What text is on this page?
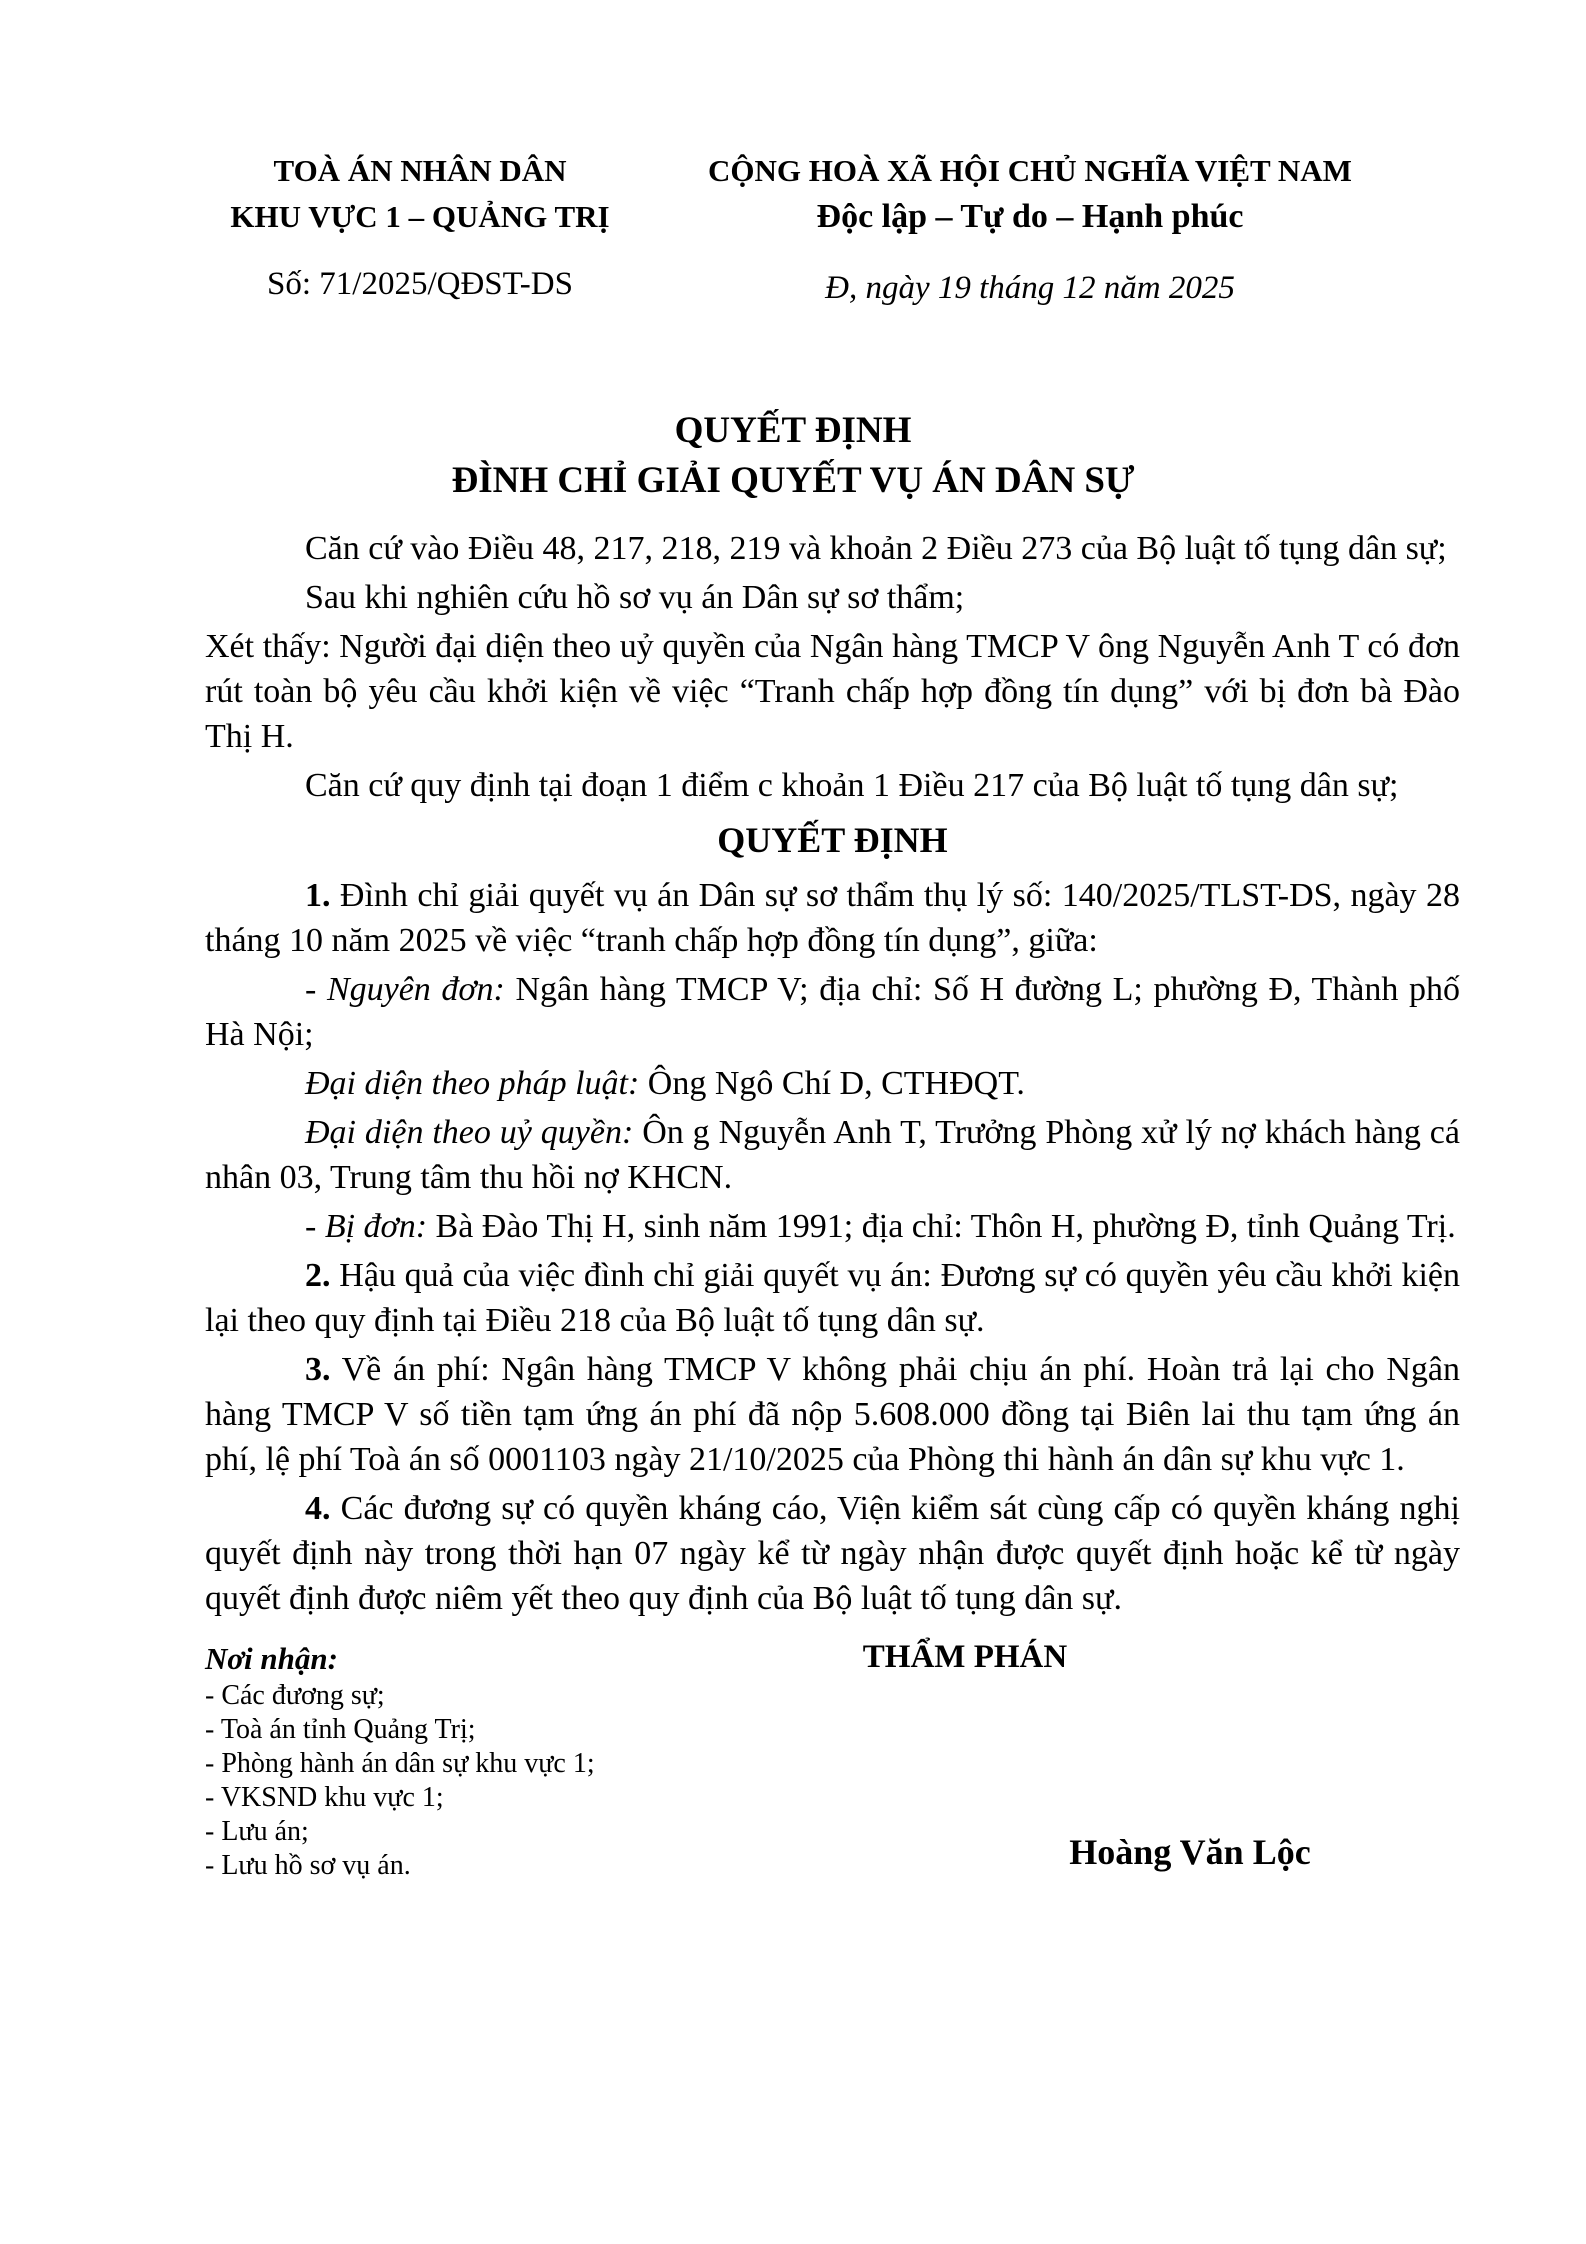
TOÀ ÁN NHÂN DÂN
KHU VỰC 1 – QUẢNG TRỊ
Số: 71/2025/QĐST-DS
CỘNG HOÀ XÃ HỘI CHỦ NGHĨA VIỆT NAM
Độc lập – Tự do – Hạnh phúc
Đ, ngày 19 tháng 12 năm 2025
QUYẾT ĐỊNH
ĐÌNH CHỈ GIẢI QUYẾT VỤ ÁN DÂN SỰ

Căn cứ vào Điều 48, 217, 218, 219 và khoản 2 Điều 273 của Bộ luật tố tụng dân sự;

Sau khi nghiên cứu hồ sơ vụ án Dân sự sơ thẩm;

Xét thấy: Người đại diện theo uỷ quyền của Ngân hàng TMCP V ông Nguyễn Anh T có đơn rút toàn bộ yêu cầu khởi kiện về việc “Tranh chấp hợp đồng tín dụng” với bị đơn bà Đào Thị H.

Căn cứ quy định tại đoạn 1 điểm c khoản 1 Điều 217 của Bộ luật tố tụng dân sự;

QUYẾT ĐỊNH

1. Đình chỉ giải quyết vụ án Dân sự sơ thẩm thụ lý số: 140/2025/TLST-DS, ngày 28 tháng 10 năm 2025 về việc “tranh chấp hợp đồng tín dụng”, giữa:

- Nguyên đơn: Ngân hàng TMCP V; địa chỉ: Số H đường L; phường Đ, Thành phố Hà Nội;

Đại diện theo pháp luật: Ông Ngô Chí D, CTHĐQT.

Đại diện theo uỷ quyền: Ôn g Nguyễn Anh T, Trưởng Phòng xử lý nợ khách hàng cá nhân 03, Trung tâm thu hồi nợ KHCN.

- Bị đơn: Bà Đào Thị H, sinh năm 1991; địa chỉ: Thôn H, phường Đ, tỉnh Quảng Trị.

2. Hậu quả của việc đình chỉ giải quyết vụ án: Đương sự có quyền yêu cầu khởi kiện lại theo quy định tại Điều 218 của Bộ luật tố tụng dân sự.

3. Về án phí: Ngân hàng TMCP V không phải chịu án phí. Hoàn trả lại cho Ngân hàng TMCP V số tiền tạm ứng án phí đã nộp 5.608.000 đồng tại Biên lai thu tạm ứng án phí, lệ phí Toà án số 0001103 ngày 21/10/2025 của Phòng thi hành án dân sự khu vực 1.

4. Các đương sự có quyền kháng cáo, Viện kiểm sát cùng cấp có quyền kháng nghị quyết định này trong thời hạn 07 ngày kể từ ngày nhận được quyết định hoặc kể từ ngày quyết định được niêm yết theo quy định của Bộ luật tố tụng dân sự.

Nơi nhận:
- Các đương sự;
- Toà án tỉnh Quảng Trị;
- Phòng hành án dân sự khu vực 1;
- VKSND khu vực 1;
- Lưu án;
- Lưu hồ sơ vụ án.
THẨM PHÁN
Hoàng Văn Lộc
